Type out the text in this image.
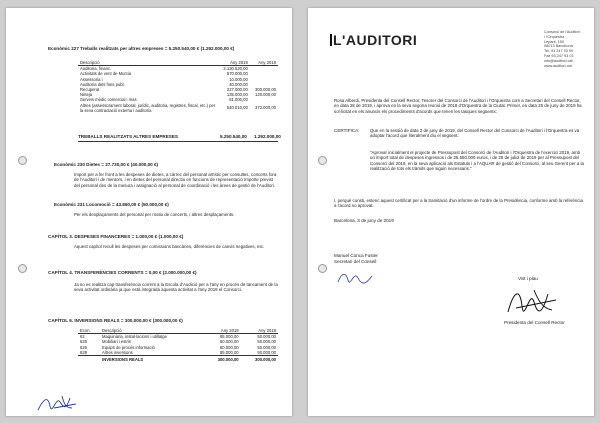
Econòmic 227 Treballs realitzats per altres empreses = 5.250.540,00 € (1.292.000,00 €)
Descripció	Any 2019	Any 2018
Auditoria, financ.	2.130.520,00	
Activitats de vent de Murcia	570.000,00	
Assessoria i	10.000,00	
Auditoria dels fons publ.	40.000,00	
Recuperat	227.000,00	300.000,00
Neteja	135.000,00	120.000,00
Serveis mèdic comercial i mas	61.000,00	
Altres (assessorament laboral, jurídic, auditoria, registres, fiscal, etc.) per la seva contractació externa i auditoria	540.010,00	372.000,00
TREBALLS REALITZATS ALTRES EMPRESES	5.250.540,00 1.292.000,00
Econòmic 230 Dietes = 27.730,00 € (40.000,00 €)
Import per a fer front a les despeses de dietes, a càrrec del personal artístic per consultes, concerts fora de l'Auditori i de mentors, i en dietes del personal directiu en funcions de representació Importe previst del personal des de la mesura i assignació al personal de coordinació i les àrees de gestió de l'Auditori.
Econòmic 231 Locomoció = 43.860,00 € (50.000,00 €)
Per els desplaçaments del personal per motiu de concerts, i altres desplaçaments.
CAPÍTOL 3. DESPESES FINANCERES = 1.000,00 € (1.000,00 €)
Aquest capítol recull les despeses per comissions bancàries, diferències de canvis negatives, etc.
CAPÍTOL 4. TRANSFERÈNCIES CORRENTS = 0,00 € (2.000.000,00 €)
Ja no es realitza cap transferència corrent a la Escola d'Audició per a l'any en procés de tancament de la seva activitat ordinària ja que està integrada aquesta activitat a l'any 2019 el Consorci.
CAPÍTOL 6. INVERSIONS REALS = 300.000,00 € (300.000,00 €)
Econ.	Descripció	Any 2019	Any 2018
62	Maquinària, instal·lacions i utillatge	65.000,00	50.000,00
625	Mobiliari i estris	50.000,00	50.000,00
626	Equips de procés informació	60.000,00	50.000,00
629	Altres inversions	85.000,00	50.000,00
	INVERSIONS REALS	300.000,00	300.000,00
L'AUDITORI	Consorci de l'Auditori
i l'Orquestra
Lepant, 150
08013 Barcelona
Tel. 93 247 93 00
Fax 93 247 93 01
info@auditori.cat
www.auditori.cat
Rosa Alberdi, Presidenta del Consell Rector, Tesorer del Consorci de l'Auditori i l'Orquestra com a Secretari del Consell Rector, en data 28 de 2019, i aprova en la seva segona reunió de 2018 d'Orquestra de la Ciutat. Primer, en data 25 de juny de 2019 ha sol·licitat en els anuncis els procediments d'acords que tenen les tasques següents:
CERTIFICA: Que en la sessió de data 3 de juny de 2019, del Consell Rector del Consorci de l'Auditori i l'Orquestra es va adoptar l'acord que literalment diu el següent:
"Aprovar inicialment el projecte de Pressupost del Consorci de l'Auditori i l'Orquestra de l'exercici 2019, amb un import total de despeses ingressos i de 25.550.000 euros, i de 25 de juliol de 2019 per al Pressupost del Consorci del 2019, en la seva aplicació als Estatuts i a l'AQUAR de gestió del Consorci, al seu Gerent per a la realització de tots els tràmits que siguin necessaris."
I, perquè consti, estenc aquest certificat per a la tramitació d'un informe de l'ordre de la Presidència, conforme amb la referència a l'acord no aprovat.
Barcelona, 3 de juny de 2019
Manuel Conca Fuster
Secretari del Consell
Vist i plau
Presidenta del Consell Rector
